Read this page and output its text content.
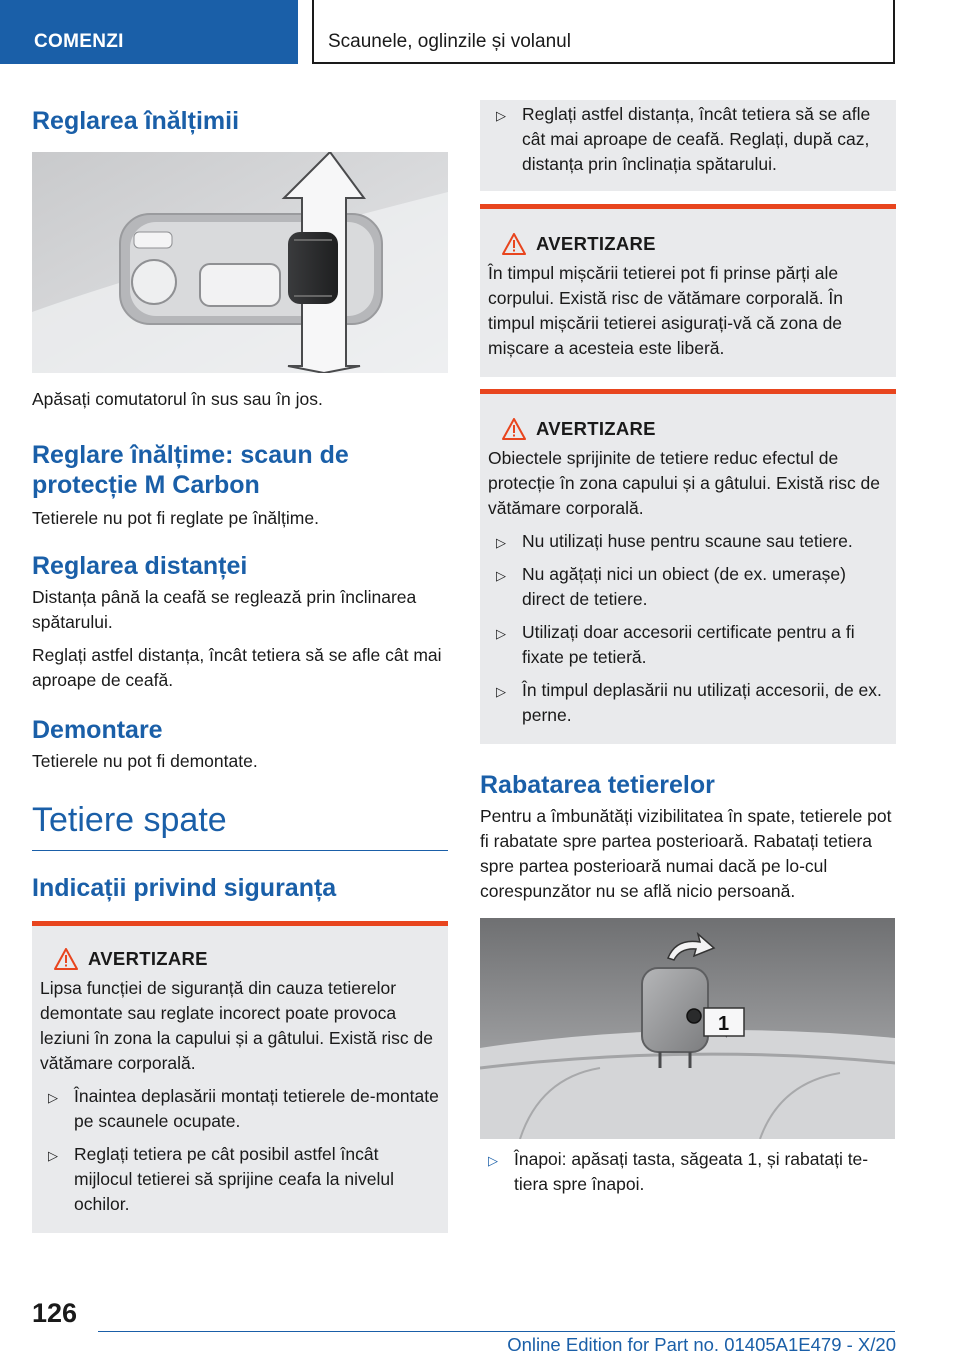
COMENZI	Scaunele, oglinzile și volanul
Reglarea înălțimii

Apăsați comutatorul în sus sau în jos.

Reglare înălțime: scaun de protecție M Carbon

Tetierele nu pot fi reglate pe înălțime.

Reglarea distanței

Distanța până la ceafă se reglează prin înclinarea spătarului.

Reglați astfel distanța, încât tetiera să se afle cât mai aproape de ceafă.

Demontare

Tetierele nu pot fi demontate.

Tetiere spate
Indicații privind siguranța
AVERTIZARE

Lipsa funcției de siguranță din cauza tetierelor demontate sau reglate incorect poate provoca leziuni în zona la capului și a gâtului. Există risc de vătămare corporală.

▷ Înaintea deplasării montați tetierele de-montate pe scaunele ocupate.
▷ Reglați tetiera pe cât posibil astfel încât mijlocul tetierei să sprijine ceafa la nivelul ochilor.
▷ Reglați astfel distanța, încât tetiera să se afle cât mai aproape de ceafă. Reglați, după caz, distanța prin înclinația spătarului.
AVERTIZARE

În timpul mișcării tetierei pot fi prinse părți ale corpului. Există risc de vătămare corporală. În timpul mișcării tetierei asigurați-vă că zona de mișcare a acesteia este liberă.

AVERTIZARE

Obiectele sprijinite de tetiere reduc efectul de protecție în zona capului și a gâtului. Există risc de vătămare corporală.

▷ Nu utilizați huse pentru scaune sau tetiere.
▷ Nu agățați nici un obiect (de ex. umerașe) direct de tetiere.
▷ Utilizați doar accesorii certificate pentru a fi fixate pe tetieră.
▷ În timpul deplasării nu utilizați accesorii, de ex. perne.
Rabatarea tetierelor

Pentru a îmbunătăți vizibilitatea în spate, tetierele pot fi rabatate spre partea posterioară. Rabatați tetiera spre partea posterioară numai dacă pe lo-cul corespunzător nu se află nicio persoană.

1
▷ Înapoi: apăsați tasta, săgeata 1, și rabatați te-tiera spre înapoi.
126
Online Edition for Part no. 01405A1E479 - X/20
